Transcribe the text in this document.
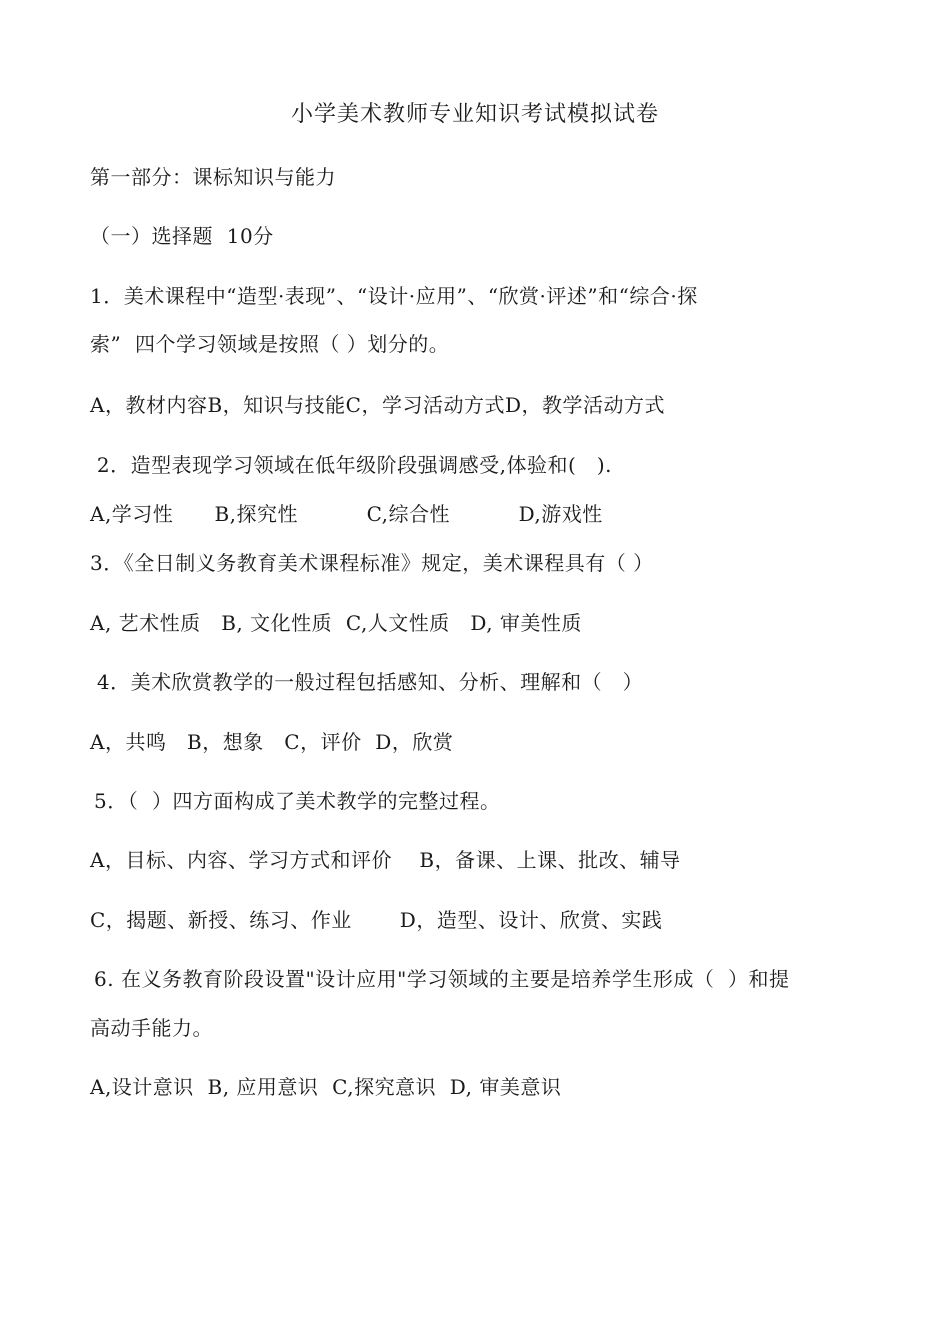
小学美术教师专业知识考试模拟试卷
第一部分：课标知识与能力
（一）选择题  10分
1．美术课程中“造型·表现”、“设计·应用”、“欣赏·评述”和“综合·探
索”  四个学习领域是按照（ ）划分的。
A，教材内容B，知识与技能C，学习活动方式D，教学活动方式
2．造型表现学习领域在低年级阶段强调感受,体验和(   ).
A,学习性      B,探究性          C,综合性          D,游戏性
3．《全日制义务教育美术课程标准》规定，美术课程具有（ ）
A, 艺术性质   B, 文化性质  C,人文性质   D, 审美性质
4．美术欣赏教学的一般过程包括感知、分析、理解和（   ）
A，共鸣   B，想象   C，评价  D，欣赏
5．（  ）四方面构成了美术教学的完整过程。
A，目标、内容、学习方式和评价    B，备课、上课、批改、辅导
C，揭题、新授、练习、作业       D，造型、设计、欣赏、实践
6. 在义务教育阶段设置"设计应用"学习领域的主要是培养学生形成（  ）和提
高动手能力。
A,设计意识  B, 应用意识  C,探究意识  D, 审美意识
